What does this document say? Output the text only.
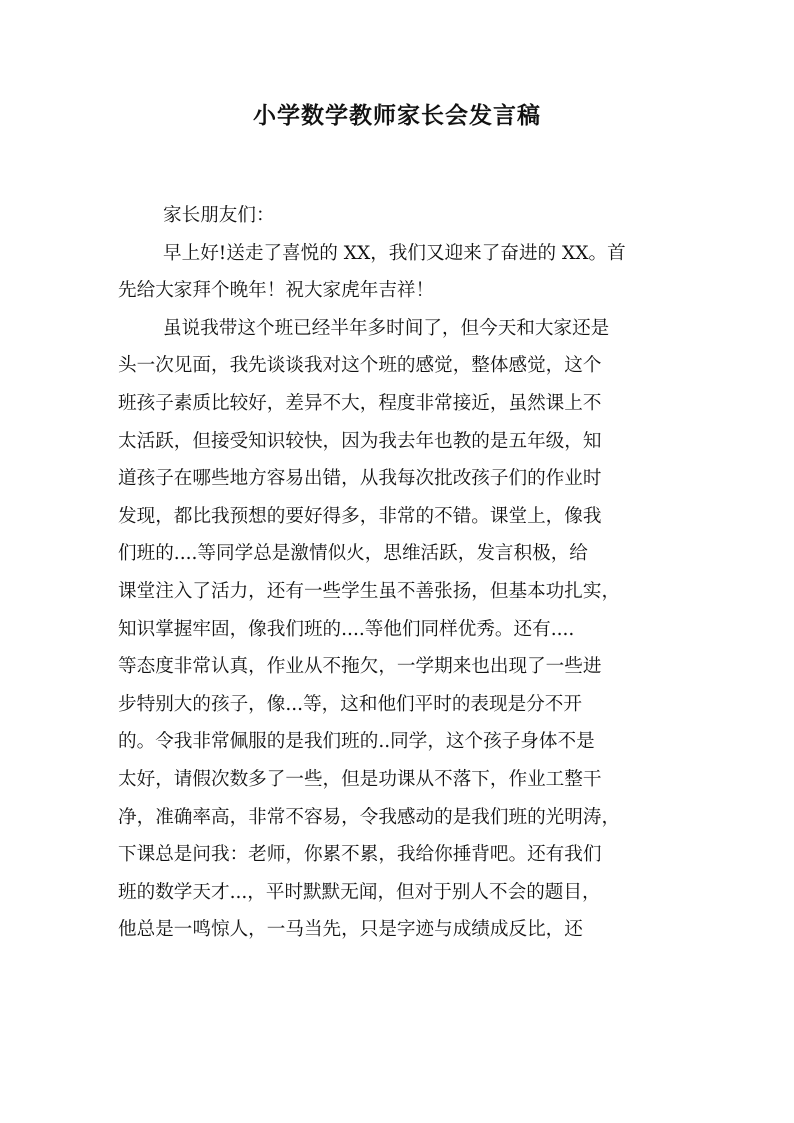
小学数学教师家长会发言稿
家长朋友们：
早上好!送走了喜悦的 XX，我们又迎来了奋进的 XX。首
先给大家拜个晚年！祝大家虎年吉祥！
虽说我带这个班已经半年多时间了，但今天和大家还是
头一次见面，我先谈谈我对这个班的感觉，整体感觉，这个
班孩子素质比较好，差异不大，程度非常接近，虽然课上不
太活跃，但接受知识较快，因为我去年也教的是五年级，知
道孩子在哪些地方容易出错，从我每次批改孩子们的作业时
发现，都比我预想的要好得多，非常的不错。课堂上，像我
们班的....等同学总是激情似火，思维活跃，发言积极，给
课堂注入了活力，还有一些学生虽不善张扬，但基本功扎实，
知识掌握牢固，像我们班的....等他们同样优秀。还有....
等态度非常认真，作业从不拖欠，一学期来也出现了一些进
步特别大的孩子，像...等，这和他们平时的表现是分不开
的。令我非常佩服的是我们班的..同学，这个孩子身体不是
太好，请假次数多了一些，但是功课从不落下，作业工整干
净，准确率高，非常不容易，令我感动的是我们班的光明涛，
下课总是问我：老师，你累不累，我给你捶背吧。还有我们
班的数学天才...，平时默默无闻，但对于别人不会的题目，
他总是一鸣惊人，一马当先，只是字迹与成绩成反比，还
